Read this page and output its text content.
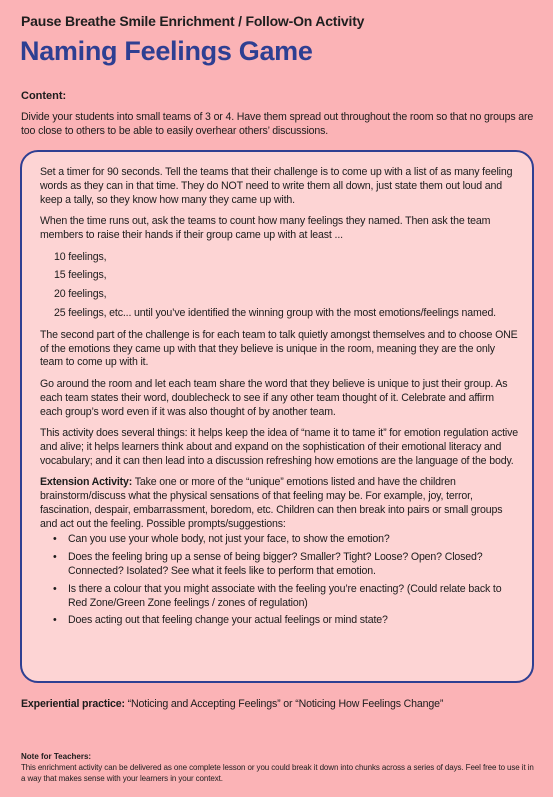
Pause Breathe Smile Enrichment / Follow-On Activity
Naming Feelings Game
Content:
Divide your students into small teams of 3 or 4. Have them spread out throughout the room so that no groups are too close to others to be able to easily overhear others’ discussions.

Set a timer for 90 seconds. Tell the teams that their challenge is to come up with a list of as many feeling words as they can in that time. They do NOT need to write them all down, just state them out loud and keep a tally, so they know how many they came up with.

When the time runs out, ask the teams to count how many feelings they named. Then ask the team members to raise their hands if their group came up with at least ...

10 feelings,
15 feelings,
20 feelings,
25 feelings, etc... until you’ve identified the winning group with the most emotions/feelings named.

The second part of the challenge is for each team to talk quietly amongst themselves and to choose ONE of the emotions they came up with that they believe is unique in the room, meaning they are the only team to come up with it.

Go around the room and let each team share the word that they believe is unique to just their group. As each team states their word, doublecheck to see if any other team thought of it. Celebrate and affirm each group’s word even if it was also thought of by another team.

This activity does several things: it helps keep the idea of “name it to tame it” for emotion regulation active and alive; it helps learners think about and expand on the sophistication of their emotional literacy and vocabulary; and it can then lead into a discussion refreshing how emotions are the language of the body.

Extension Activity: Take one or more of the “unique” emotions listed and have the children brainstorm/discuss what the physical sensations of that feeling may be. For example, joy, terror, fascination, despair, embarrassment, boredom, etc. Children can then break into pairs or small groups and act out the feeling. Possible prompts/suggestions:

• Can you use your whole body, not just your face, to show the emotion?
• Does the feeling bring up a sense of being bigger? Smaller? Tight? Loose? Open? Closed? Connected? Isolated? See what it feels like to perform that emotion.
• Is there a colour that you might associate with the feeling you’re enacting? (Could relate back to Red Zone/Green Zone feelings / zones of regulation)
• Does acting out that feeling change your actual feelings or mind state?
Experiential practice: “Noticing and Accepting Feelings” or “Noticing How Feelings Change”
Note for Teachers:
This enrichment activity can be delivered as one complete lesson or you could break it down into chunks across a series of days. Feel free to use it in a way that makes sense with your learners in your context.
